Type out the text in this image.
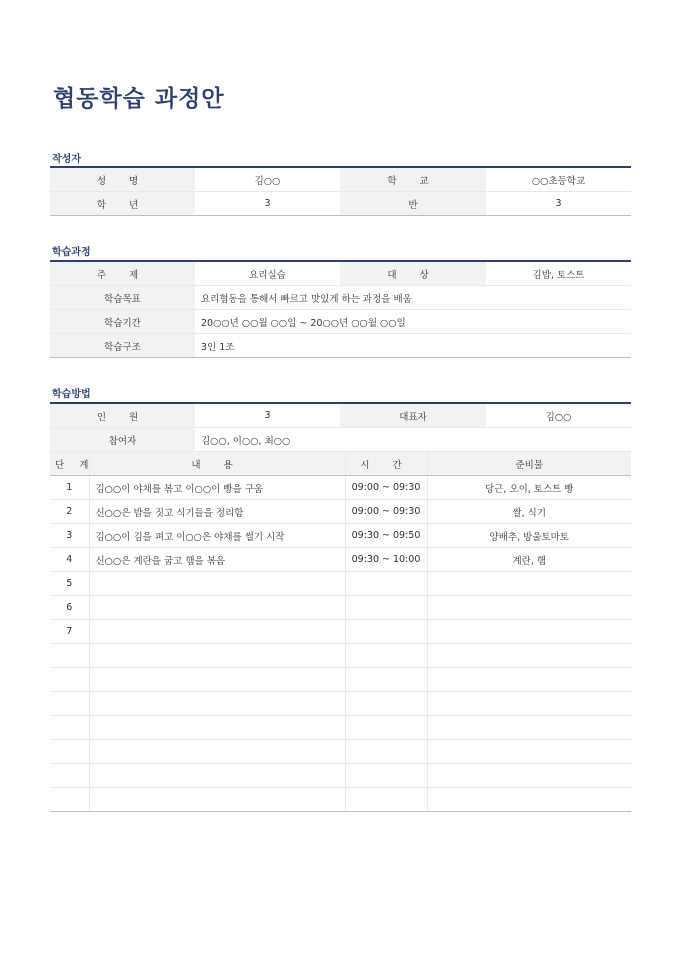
협동학습 과정안
작성자
성 명	김○○	학 교	○○초등학교
학 년	3	반	3
학습과정
주 제	요리실습	대 상	김밥, 토스트
학습목표	요리협동을 통해서 빠르고 맛있게 하는 과정을 배움		
학습기간	20○○년 ○○월 ○○일 ~ 20○○년 ○○월 ○○일		
학습구조	3인 1조		
학습방법
인 원		3	대표자			김○○
참여자		김○○, 이○○, 최○○				
단 계	내 용			시 간	준비물	
1	김○○이 야채를 볶고 이○○이 빵을 구움			09:00 ~ 09:30	당근, 오이, 토스트 빵	
2	신○○은 밥을 짓고 식기들을 정리함			09:00 ~ 09:30	쌀, 식기	
3	김○○이 김을 펴고 이○○은 야채를 썰기 시작			09:30 ~ 09:50	양배추, 방울토마토	
4	신○○은 계란을 굽고 햄을 볶음			09:30 ~ 10:00	계란, 햄	
5						
6						
7						
